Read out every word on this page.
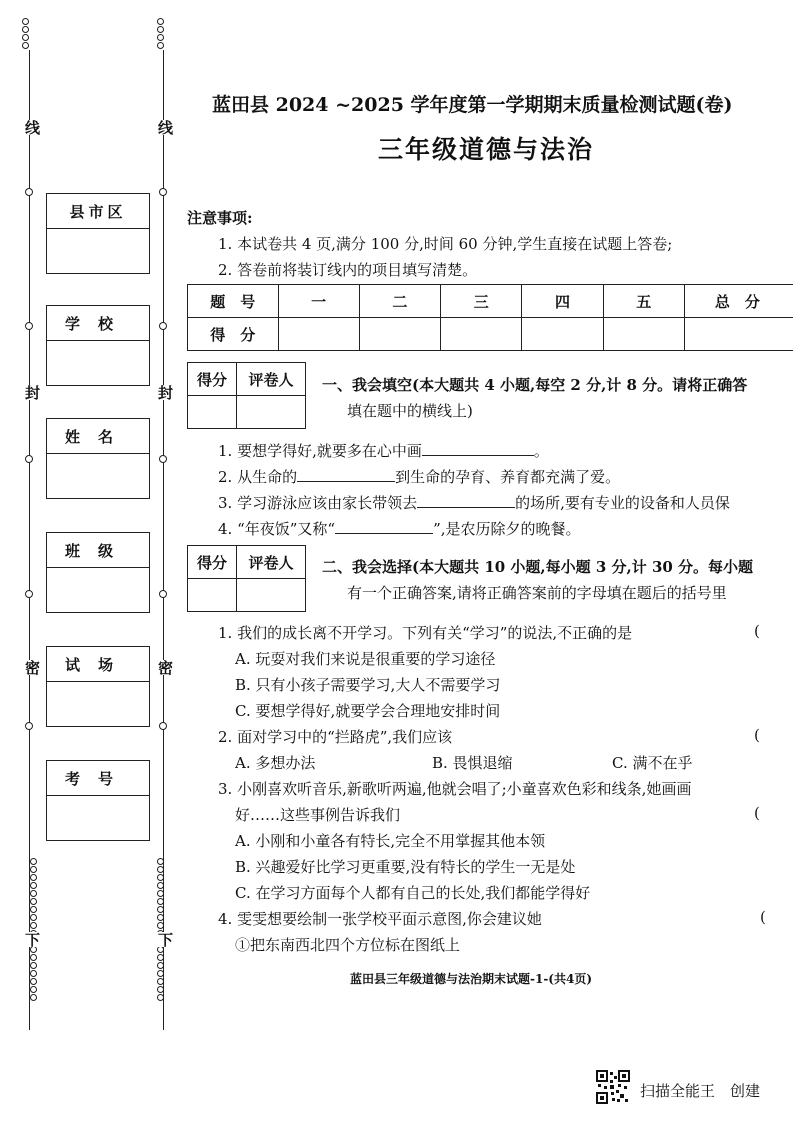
线
封
密
下
线
封
密
下
县市区
学校
姓名
班级
试场
考号
蓝田县 2024 ~2025 学年度第一学期期末质量检测试题(卷)
三年级道德与法治
注意事项:
1. 本试卷共 4 页,满分 100 分,时间 60 分钟,学生直接在试题上答卷;
2. 答卷前将装订线内的项目填写清楚。
题　号	一	二	三	四	五	总　分
得　分						
得分	评卷人
	一、我会填空(本大题共 4 小题,每空 2 分,计 8 分。请将正确答
填在题中的横线上)
1. 要想学得好,就要多在心中画	。
2. 从生命的	到生命的孕育、养育都充满了爱。
3. 学习游泳应该由家长带领去	的场所,要有专业的设备和人员保
4. “年夜饭”又称“	”,是农历除夕的晚餐。
得分	评卷人
	二、我会选择(本大题共 10 小题,每小题 3 分,计 30 分。每小题
有一个正确答案,请将正确答案前的字母填在题后的括号里
1. 我们的成长离不开学习。下列有关“学习”的说法,不正确的是	(
A. 玩耍对我们来说是很重要的学习途径
B. 只有小孩子需要学习,大人不需要学习
C. 要想学得好,就要学会合理地安排时间
2. 面对学习中的“拦路虎”,我们应该	(
A. 多想办法	B. 畏惧退缩	C. 满不在乎
3. 小刚喜欢听音乐,新歌听两遍,他就会唱了;小童喜欢色彩和线条,她画画
好……这些事例告诉我们	(
A. 小刚和小童各有特长,完全不用掌握其他本领
B. 兴趣爱好比学习更重要,没有特长的学生一无是处
C. 在学习方面每个人都有自己的长处,我们都能学得好
4. 雯雯想要绘制一张学校平面示意图,你会建议她	(
①把东南西北四个方位标在图纸上
蓝田县三年级道德与法治期末试题-1-(共4页)
扫描全能王　创建
